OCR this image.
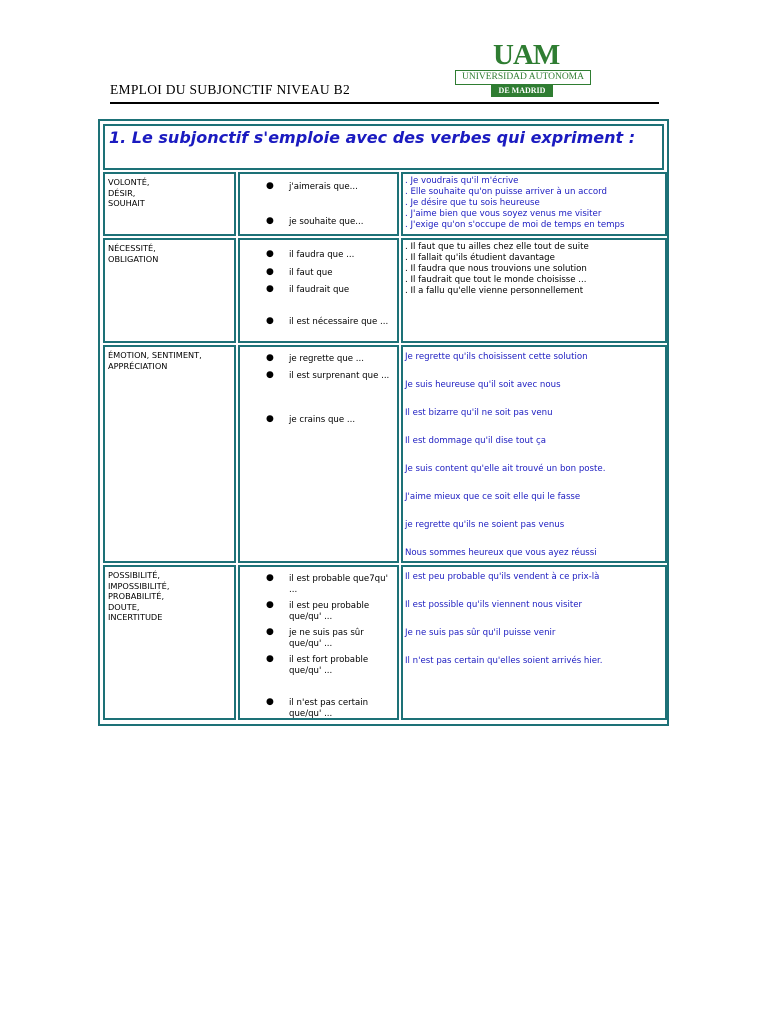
EMPLOI DU SUBJONCTIF NIVEAU B2
UAM
UNIVERSIDAD AUTONOMA
DE MADRID
1. Le subjonctif s'emploie avec des verbes qui expriment :
VOLONTÉ,
DÉSIR,
SOUHAIT
● j'aimerais que...
● je souhaite que...
. Je voudrais qu'il m'écrive
. Elle souhaite qu'on puisse arriver à un accord
. Je désire que tu sois heureuse
. J'aime bien que vous soyez venus me visiter
. J'exige qu'on s'occupe de moi de temps en temps
NÉCESSITÉ,
OBLIGATION	● il faudra que ...
● il faut que
● il faudrait que
● il est nécessaire que ...
. Il faut que tu ailles chez elle tout de suite
. Il fallait qu'ils étudient davantage
. Il faudra que nous trouvions une solution
. Il faudrait que tout le monde choisisse ...
. Il a fallu qu'elle vienne personnellement
ÉMOTION, SENTIMENT,
APPRÉCIATION
● je regrette que ...
● il est surprenant que ...
● je crains que ...
Je regrette qu'ils choisissent cette solution
Je suis heureuse qu'il soit avec nous
Il est bizarre qu'il ne soit pas venu
Il est dommage qu'il dise tout ça
Je suis content qu'elle ait trouvé un bon poste.
J'aime mieux que ce soit elle qui le fasse
je regrette qu'ils ne soient pas venus
Nous sommes heureux que vous ayez réussi
POSSIBILITÉ,
IMPOSSIBILITÉ,
PROBABILITÉ,
DOUTE,
INCERTITUDE
● il est probable que7qu' ...
● il est peu probable que/qu' ...
● je ne suis pas sûr que/qu' ...
● il est fort probable que/qu' ...
● il n'est pas certain que/qu' ...
Il est peu probable qu'ils vendent à ce prix-là
Il est possible qu'ils viennent nous visiter
Je ne suis pas sûr qu'il puisse venir
Il n'est pas certain qu'elles soient arrivés hier.
